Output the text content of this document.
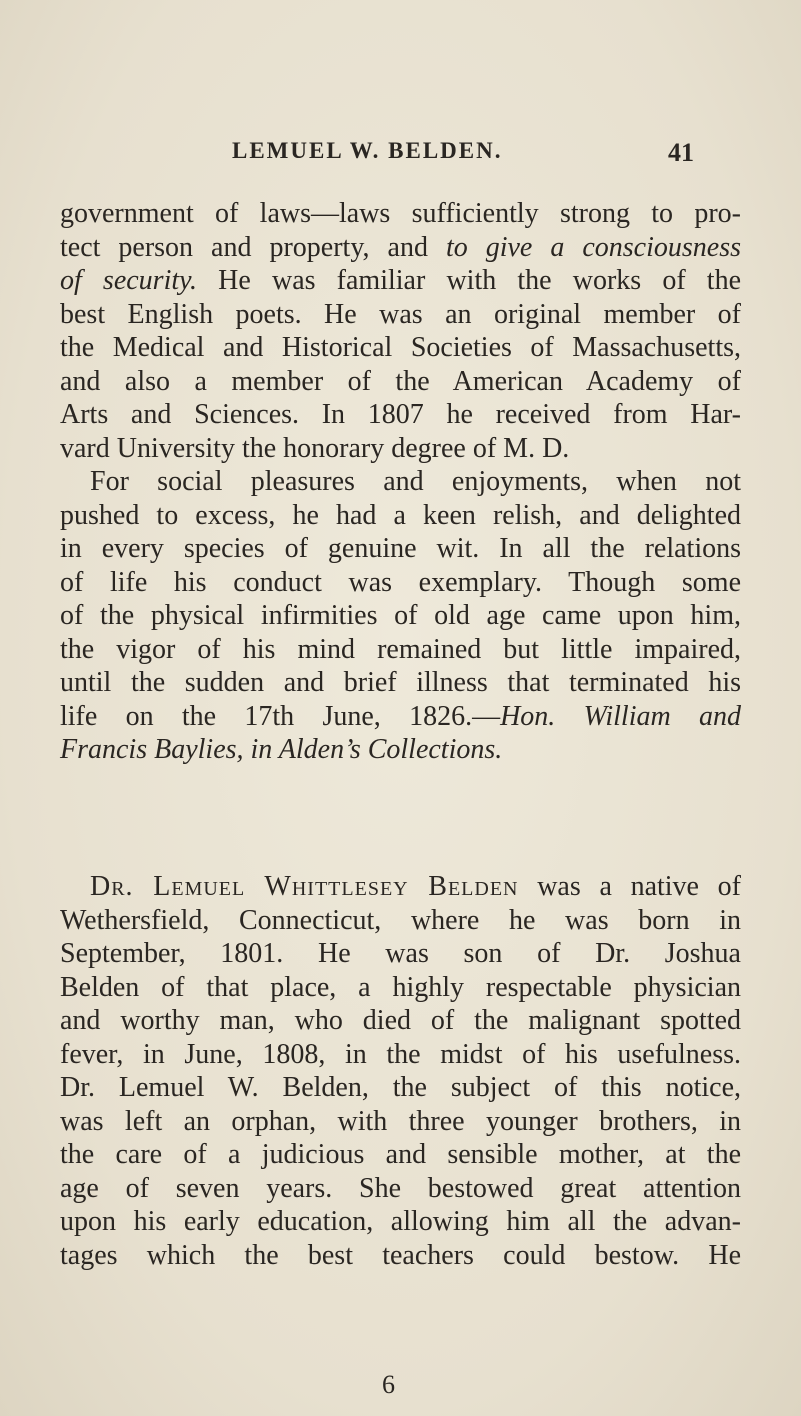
LEMUEL W. BELDEN.	41
government of laws—laws sufficiently strong to pro-
tect person and property, and to give a consciousness
of security. He was familiar with the works of the
best English poets. He was an original member of
the Medical and Historical Societies of Massachusetts,
and also a member of the American Academy of
Arts and Sciences. In 1807 he received from Har-
vard University the honorary degree of M. D.
For social pleasures and enjoyments, when not
pushed to excess, he had a keen relish, and delighted
in every species of genuine wit. In all the relations
of life his conduct was exemplary. Though some
of the physical infirmities of old age came upon him,
the vigor of his mind remained but little impaired,
until the sudden and brief illness that terminated his
life on the 17th June, 1826.—Hon. William and
Francis Baylies, in Alden’s Collections.
Dr. Lemuel Whittlesey Belden was a native of
Wethersfield, Connecticut, where he was born in
September, 1801. He was son of Dr. Joshua
Belden of that place, a highly respectable physician
and worthy man, who died of the malignant spotted
fever, in June, 1808, in the midst of his usefulness.
Dr. Lemuel W. Belden, the subject of this notice,
was left an orphan, with three younger brothers, in
the care of a judicious and sensible mother, at the
age of seven years. She bestowed great attention
upon his early education, allowing him all the advan-
tages which the best teachers could bestow. He
6
